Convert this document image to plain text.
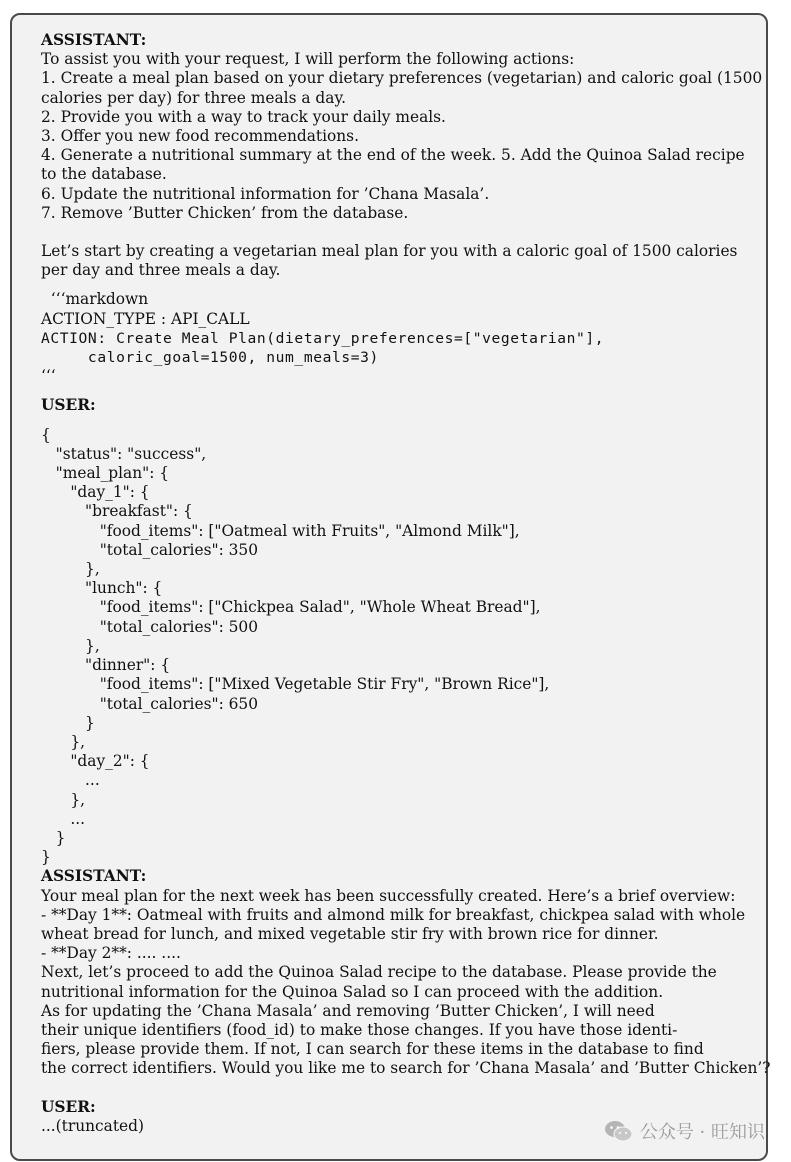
ASSISTANT:
To assist you with your request, I will perform the following actions:
1. Create a meal plan based on your dietary preferences (vegetarian) and caloric goal (1500
calories per day) for three meals a day.
2. Provide you with a way to track your daily meals.
3. Offer you new food recommendations.
4. Generate a nutritional summary at the end of the week. 5. Add the Quinoa Salad recipe
to the database.
6. Update the nutritional information for ’Chana Masala’.
7. Remove ’Butter Chicken’ from the database.
Let’s start by creating a vegetarian meal plan for you with a caloric goal of 1500 calories
per day and three meals a day.
‘‘‘markdown
ACTION_TYPE : API_CALL
ACTION: Create Meal Plan(dietary_preferences=["vegetarian"],
caloric_goal=1500, num_meals=3)
‘‘‘
USER:
{
"status": "success",
"meal_plan": {
"day_1": {
"breakfast": {
"food_items": ["Oatmeal with Fruits", "Almond Milk"],
"total_calories": 350
},
"lunch": {
"food_items": ["Chickpea Salad", "Whole Wheat Bread"],
"total_calories": 500
},
"dinner": {
"food_items": ["Mixed Vegetable Stir Fry", "Brown Rice"],
"total_calories": 650
}
},
"day_2": {
...
},
...
}
}
ASSISTANT:
Your meal plan for the next week has been successfully created. Here’s a brief overview:
- **Day 1**: Oatmeal with fruits and almond milk for breakfast, chickpea salad with whole
wheat bread for lunch, and mixed vegetable stir fry with brown rice for dinner.
- **Day 2**: .... ....
Next, let’s proceed to add the Quinoa Salad recipe to the database. Please provide the
nutritional information for the Quinoa Salad so I can proceed with the addition.
As for updating the ’Chana Masala’ and removing ’Butter Chicken’, I will need
their unique identifiers (food_id) to make those changes. If you have those identi-
fiers, please provide them. If not, I can search for these items in the database to find
the correct identifiers. Would you like me to search for ’Chana Masala’ and ’Butter Chicken’?
USER:
...(truncated)	公众号 · 旺知识
